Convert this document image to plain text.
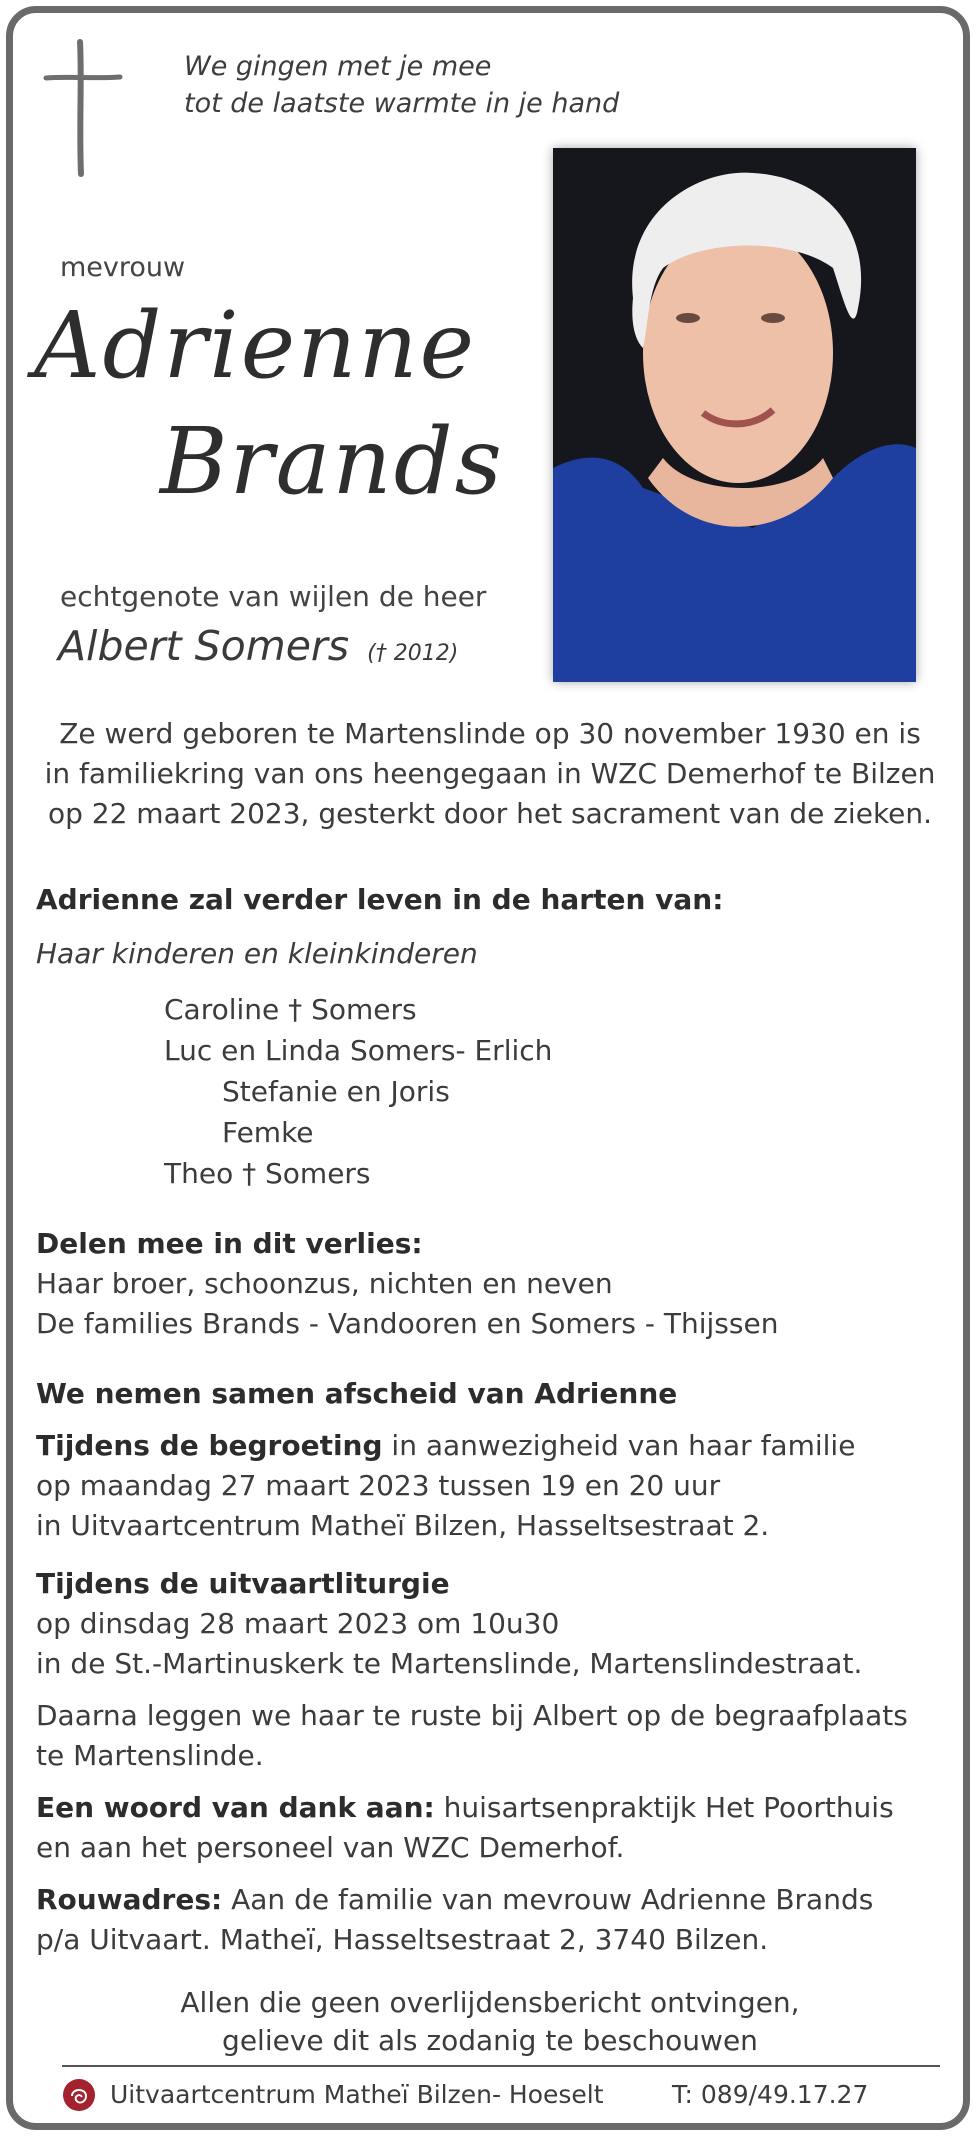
We gingen met je mee
tot de laatste warmte in je hand
mevrouw
Adrienne
Brands
echtgenote van wijlen de heer
Albert Somers († 2012)
Ze werd geboren te Martenslinde op 30 november 1930 en is
in familiekring van ons heengegaan in WZC Demerhof te Bilzen
op 22 maart 2023, gesterkt door het sacrament van de zieken.
Adrienne zal verder leven in de harten van:
Haar kinderen en kleinkinderen
Caroline † Somers
Luc en Linda Somers- Erlich
Stefanie en Joris
Femke
Theo † Somers
Delen mee in dit verlies:
Haar broer, schoonzus, nichten en neven
De families Brands - Vandooren en Somers - Thijssen
We nemen samen afscheid van Adrienne
Tijdens de begroeting in aanwezigheid van haar familie
op maandag 27 maart 2023 tussen 19 en 20 uur
in Uitvaartcentrum Matheï Bilzen, Hasseltsestraat 2.
Tijdens de uitvaartliturgie
op dinsdag 28 maart 2023 om 10u30
in de St.-Martinuskerk te Martenslinde, Martenslindestraat.
Daarna leggen we haar te ruste bij Albert op de begraafplaats
te Martenslinde.
Een woord van dank aan: huisartsenpraktijk Het Poorthuis
en aan het personeel van WZC Demerhof.
Rouwadres: Aan de familie van mevrouw Adrienne Brands
p/a Uitvaart. Matheï, Hasseltsestraat 2, 3740 Bilzen.
Allen die geen overlijdensbericht ontvingen,
gelieve dit als zodanig te beschouwen
Uitvaartcentrum Matheï Bilzen- Hoeselt	T: 089/49.17.27
